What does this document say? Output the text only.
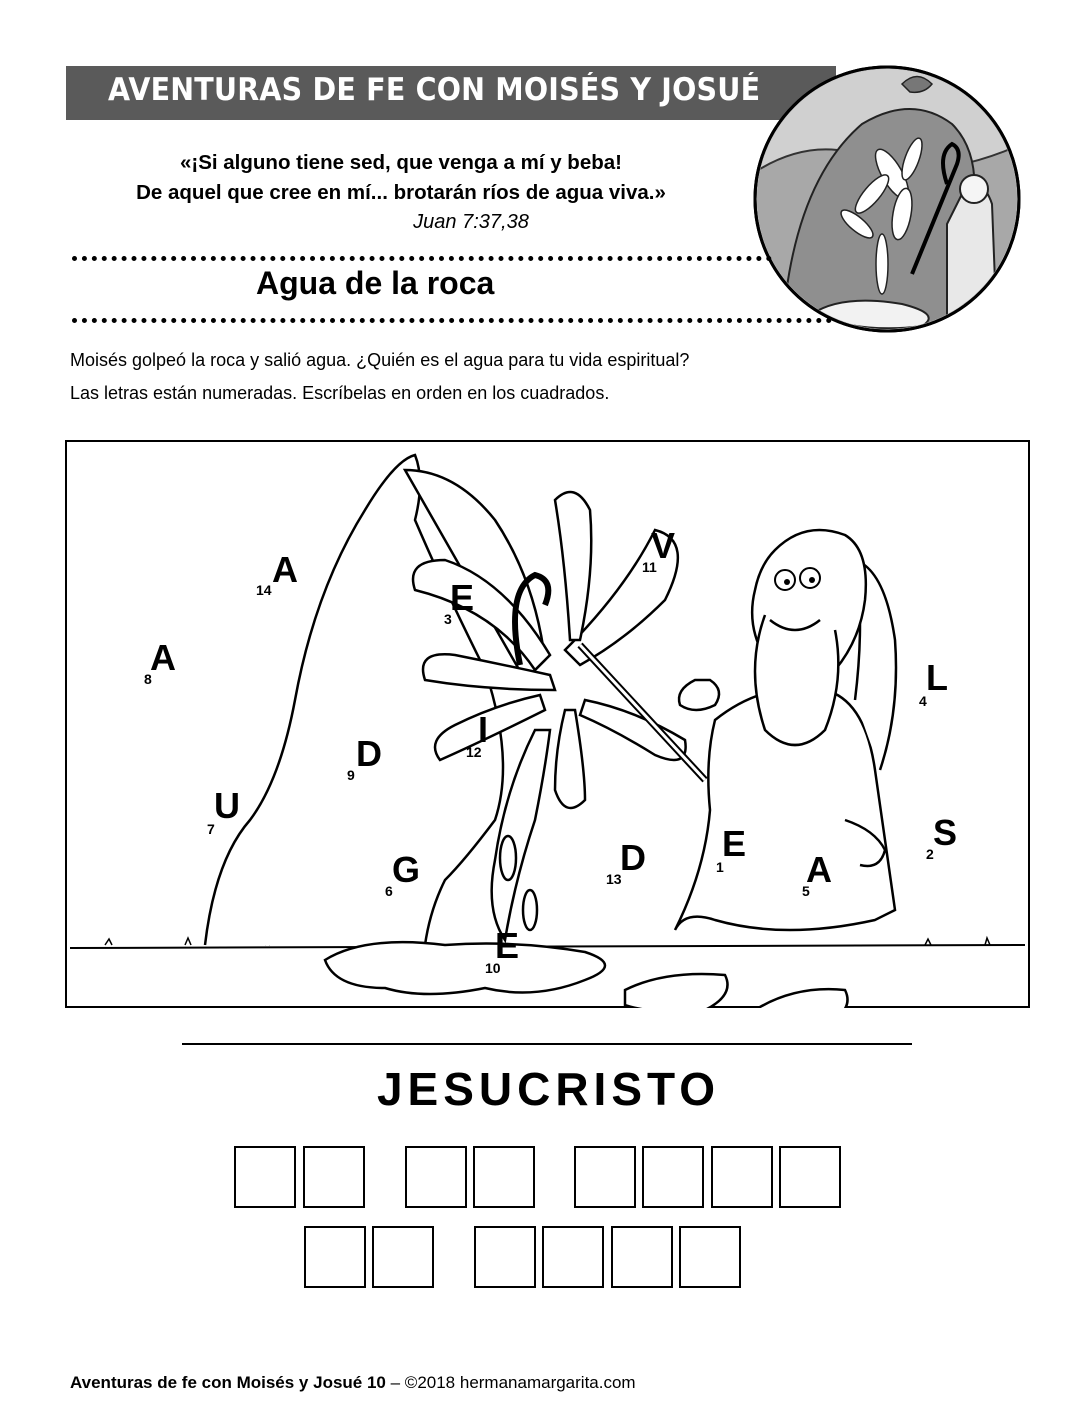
AVENTURAS DE FE CON MOISÉS Y JOSUÉ
«¡Si alguno tiene sed, que venga a mí y beba!
De aquel que cree en mí... brotarán ríos de agua viva.»
Juan 7:37,38
Agua de la roca
Moisés golpeó la roca y salió agua. ¿Quién es el agua para tu vida espiritual?
Las letras están numeradas. Escríbelas en orden en los cuadrados.
A
14	E
3
V
11
A
8	L
4
I
12
D
9
U
7	S
2
E
1
D
13
G
6
A
5
E
10
JESUCRISTO
Aventuras de fe con Moisés y Josué 10 – ©2018 hermanamargarita.com
